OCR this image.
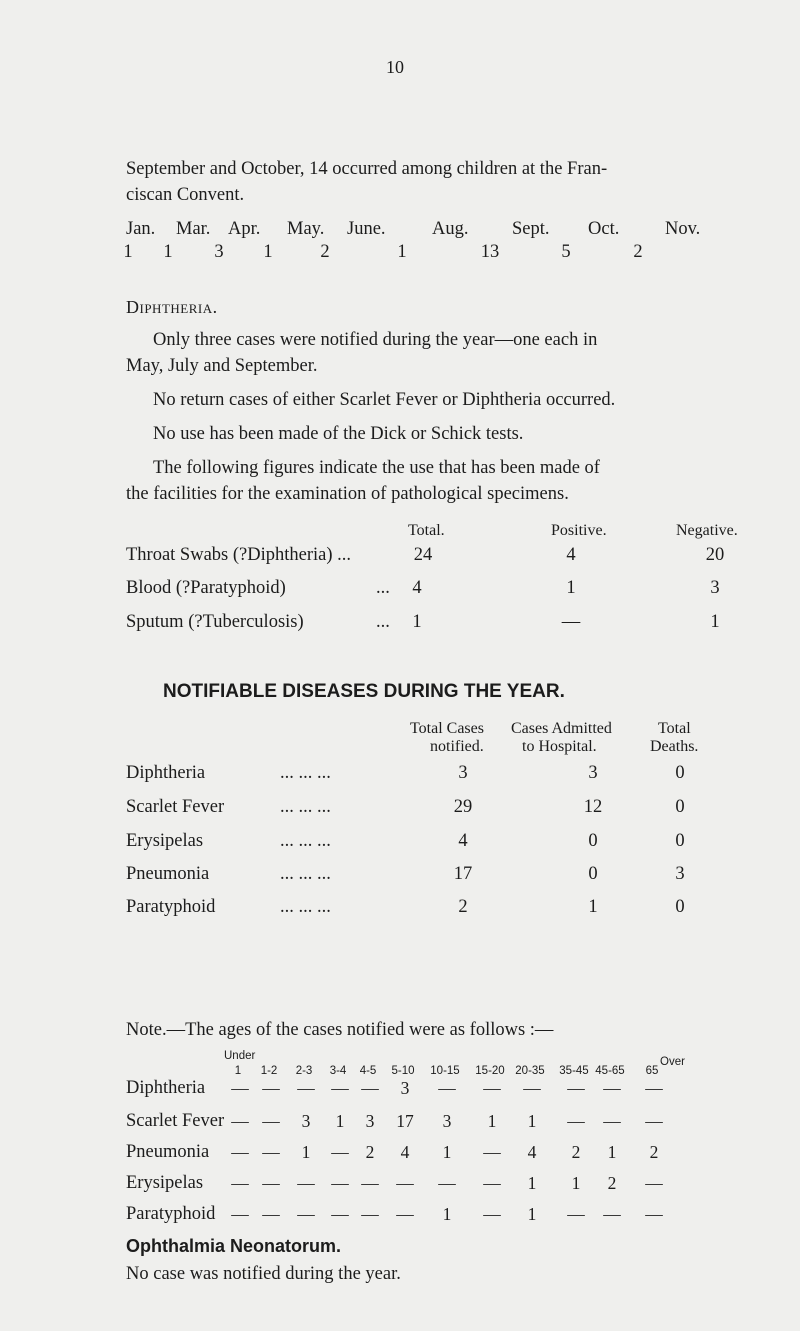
10

September and October, 14 occurred among children at the Fran-

ciscan Convent.

Jan. Mar. Apr. May. June.	Aug. Sept. Oct. Nov.
1	1	3	1	2	1	13	5	2

Diphtheria.

Only three cases were notified during the year—one each in

May, July and September.

No return cases of either Scarlet Fever or Diphtheria occurred.

No use has been made of the Dick or Schick tests.

The following figures indicate the use that has been made of

the facilities for the examination of pathological specimens.

Total.	Positive.	Negative.
Throat Swabs (?Diphtheria) ...	24	4	20
Blood (?Paratyphoid)	...	4	1	3
Sputum (?Tuberculosis)	...	1	—	1
NOTIFIABLE DISEASES DURING THE YEAR.
Total Cases
notified.
Cases Admitted
to Hospital.
Total
Deaths.
Diphtheria	... ... ...	3	3	0
Scarlet Fever	... ... ...	29	12	0
Erysipelas	... ... ...	4	0	0
Pneumonia	... ... ...	17	0	3
Paratyphoid	... ... ...	2	1	0

Note.—The ages of the cases notified were as follows :—

Under	Over
1	1-2	2-3	3-4	4-5	5-10	10-15 15-20 20-35 35-45 45-65	65
Diphtheria — — — — —	3	— — — — — —
Scarlet Fever — —	3	1	3	17	3	1	1	— — —
Pneumonia — —	1	— 2	4	1	—	4	2	1	2
Erysipelas — — — — — — — —	1	1	2	—
Paratyphoid — — — — — —	1	—	1	— — —
Ophthalmia Neonatorum.

No case was notified during the year.
